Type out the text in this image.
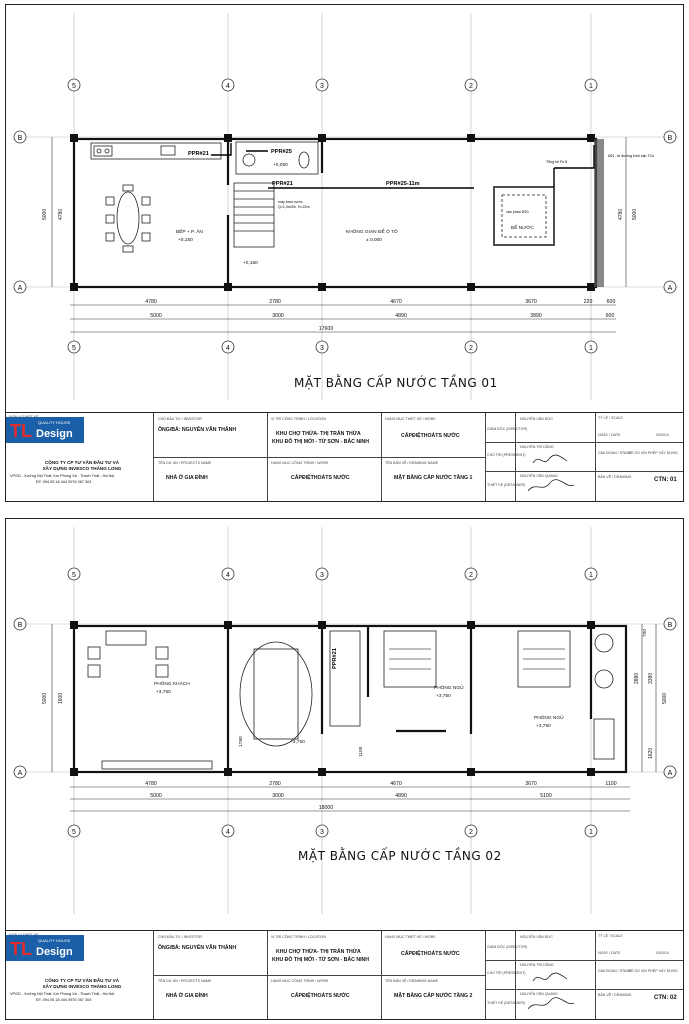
5	4	3	2	1
5	4	3	2	1
B
A
B
A
PPR#21	PPR#25
PPR#21	PPR#25-11m
Tổng kè Fe 8
Ø21, từ đường kính cấp TCn
ván phao Ø20
máy bơm nước
Q=1,0m3/h, H=22m
BẾP + P. ĂN
+0,150
KHÔNG GIAN ĐỂ Ô TÔ
± 0,000
BỂ NƯỚC
+0,150
+0,050
4780	2780	4670	3670	220	600
5000	3000	4890	3890	600
17600
5000 4780	4780 5000
MẶT BẰNG CẤP NƯỚC TẦNG 01
TL Design
QUALITY HOUSE
CÔNG TY CP TƯ VẤN ĐẦU TƯ VÀ
XÂY DỰNG INVESCO THĂNG LONG
VPGD - Xưởng Nội Thất: Km Phùng Xá - Thạch Thất - Hà Nội
ĐT: 094 05 18 444 0976 067 303
CHỦ ĐẦU TƯ / INVESTOR
ÔNG/BÀ: NGUYỄN VĂN THÀNH
TÊN DỰ ÁN / PROJECTS NAME
NHÀ Ở GIA ĐÌNH
VỊ TRÍ CÔNG TRÌNH / LOCATION
KHU CHỢ THỪA- THỊ TRẤN THỪA
KHU ĐÔ THỊ MỚI - TỪ SƠN - BẮC NINH
HẠNG MỤC CÔNG TRÌNH / WORK
CẤPĐIỆTHOÁTS NƯỚC
HẠNG MỤC THIẾT KẾ / WORK
CẤPĐIỆTHOÁTS NƯỚC
TÊN BẢN VẼ / DRAWING NAME
MẶT BẰNG CẤP NƯỚC TẦNG 1
GIÁM ĐỐC (DIRECTOR)
CHỦ TRÌ (PRESIDENT)
THIẾT KẾ (DESIGNER)
NGUYỄN VĂN ĐỨC
NGUYỄN TRÍ DŨNG
NGUYỄN VĂN QUANG
TỶ LỆ / SCALE
NGÀY / DATE	03/2014
GIAI ĐOẠN / STAGE
HỒ SƠ XIN PHÉP XÂY DỰNG
BẢN VẼ / DRAWING	CTN: 01
5	4	3	2	1
5	4	3	2	1
B
A
B
A
PPR#21
PHÒNG KHÁCH
+3,750
PHÒNG NGỦ
+3,750
PHÒNG NGỦ
+3,750
+3,750
1780
1100
700
4780	2780	4670	3670	1100
5000	3000	4890	5100
18000
5000 1600
2880 3380
5000
1620
MẶT BẰNG CẤP NƯỚC TẦNG 02
TL Design
QUALITY HOUSE
CÔNG TY CP TƯ VẤN ĐẦU TƯ VÀ
XÂY DỰNG INVESCO THĂNG LONG
VPGD - Xưởng Nội Thất: Km Phùng Xá - Thạch Thất - Hà Nội
ĐT: 094 05 18 444 0976 067 303
CHỦ ĐẦU TƯ / INVESTOR
ÔNG/BÀ: NGUYỄN VĂN THÀNH
TÊN DỰ ÁN / PROJECTS NAME
NHÀ Ở GIA ĐÌNH
VỊ TRÍ CÔNG TRÌNH / LOCATION
KHU CHỢ THỪA- THỊ TRẤN THỪA
KHU ĐÔ THỊ MỚI - TỪ SƠN - BẮC NINH
HẠNG MỤC CÔNG TRÌNH / WORK
CẤPĐIỆTHOÁTS NƯỚC
HẠNG MỤC THIẾT KẾ / WORK
CẤPĐIỆTHOÁTS NƯỚC
TÊN BẢN VẼ / DRAWING NAME
MẶT BẰNG CẤP NƯỚC TẦNG 2
GIÁM ĐỐC (DIRECTOR)
CHỦ TRÌ (PRESIDENT)
THIẾT KẾ (DESIGNER)
NGUYỄN VĂN ĐỨC
NGUYỄN TRÍ DŨNG
NGUYỄN VĂN QUANG
TỶ LỆ / SCALE
NGÀY / DATE	03/2014
GIAI ĐOẠN / STAGE
HỒ SƠ XIN PHÉP XÂY DỰNG
BẢN VẼ / DRAWING	CTN: 02
